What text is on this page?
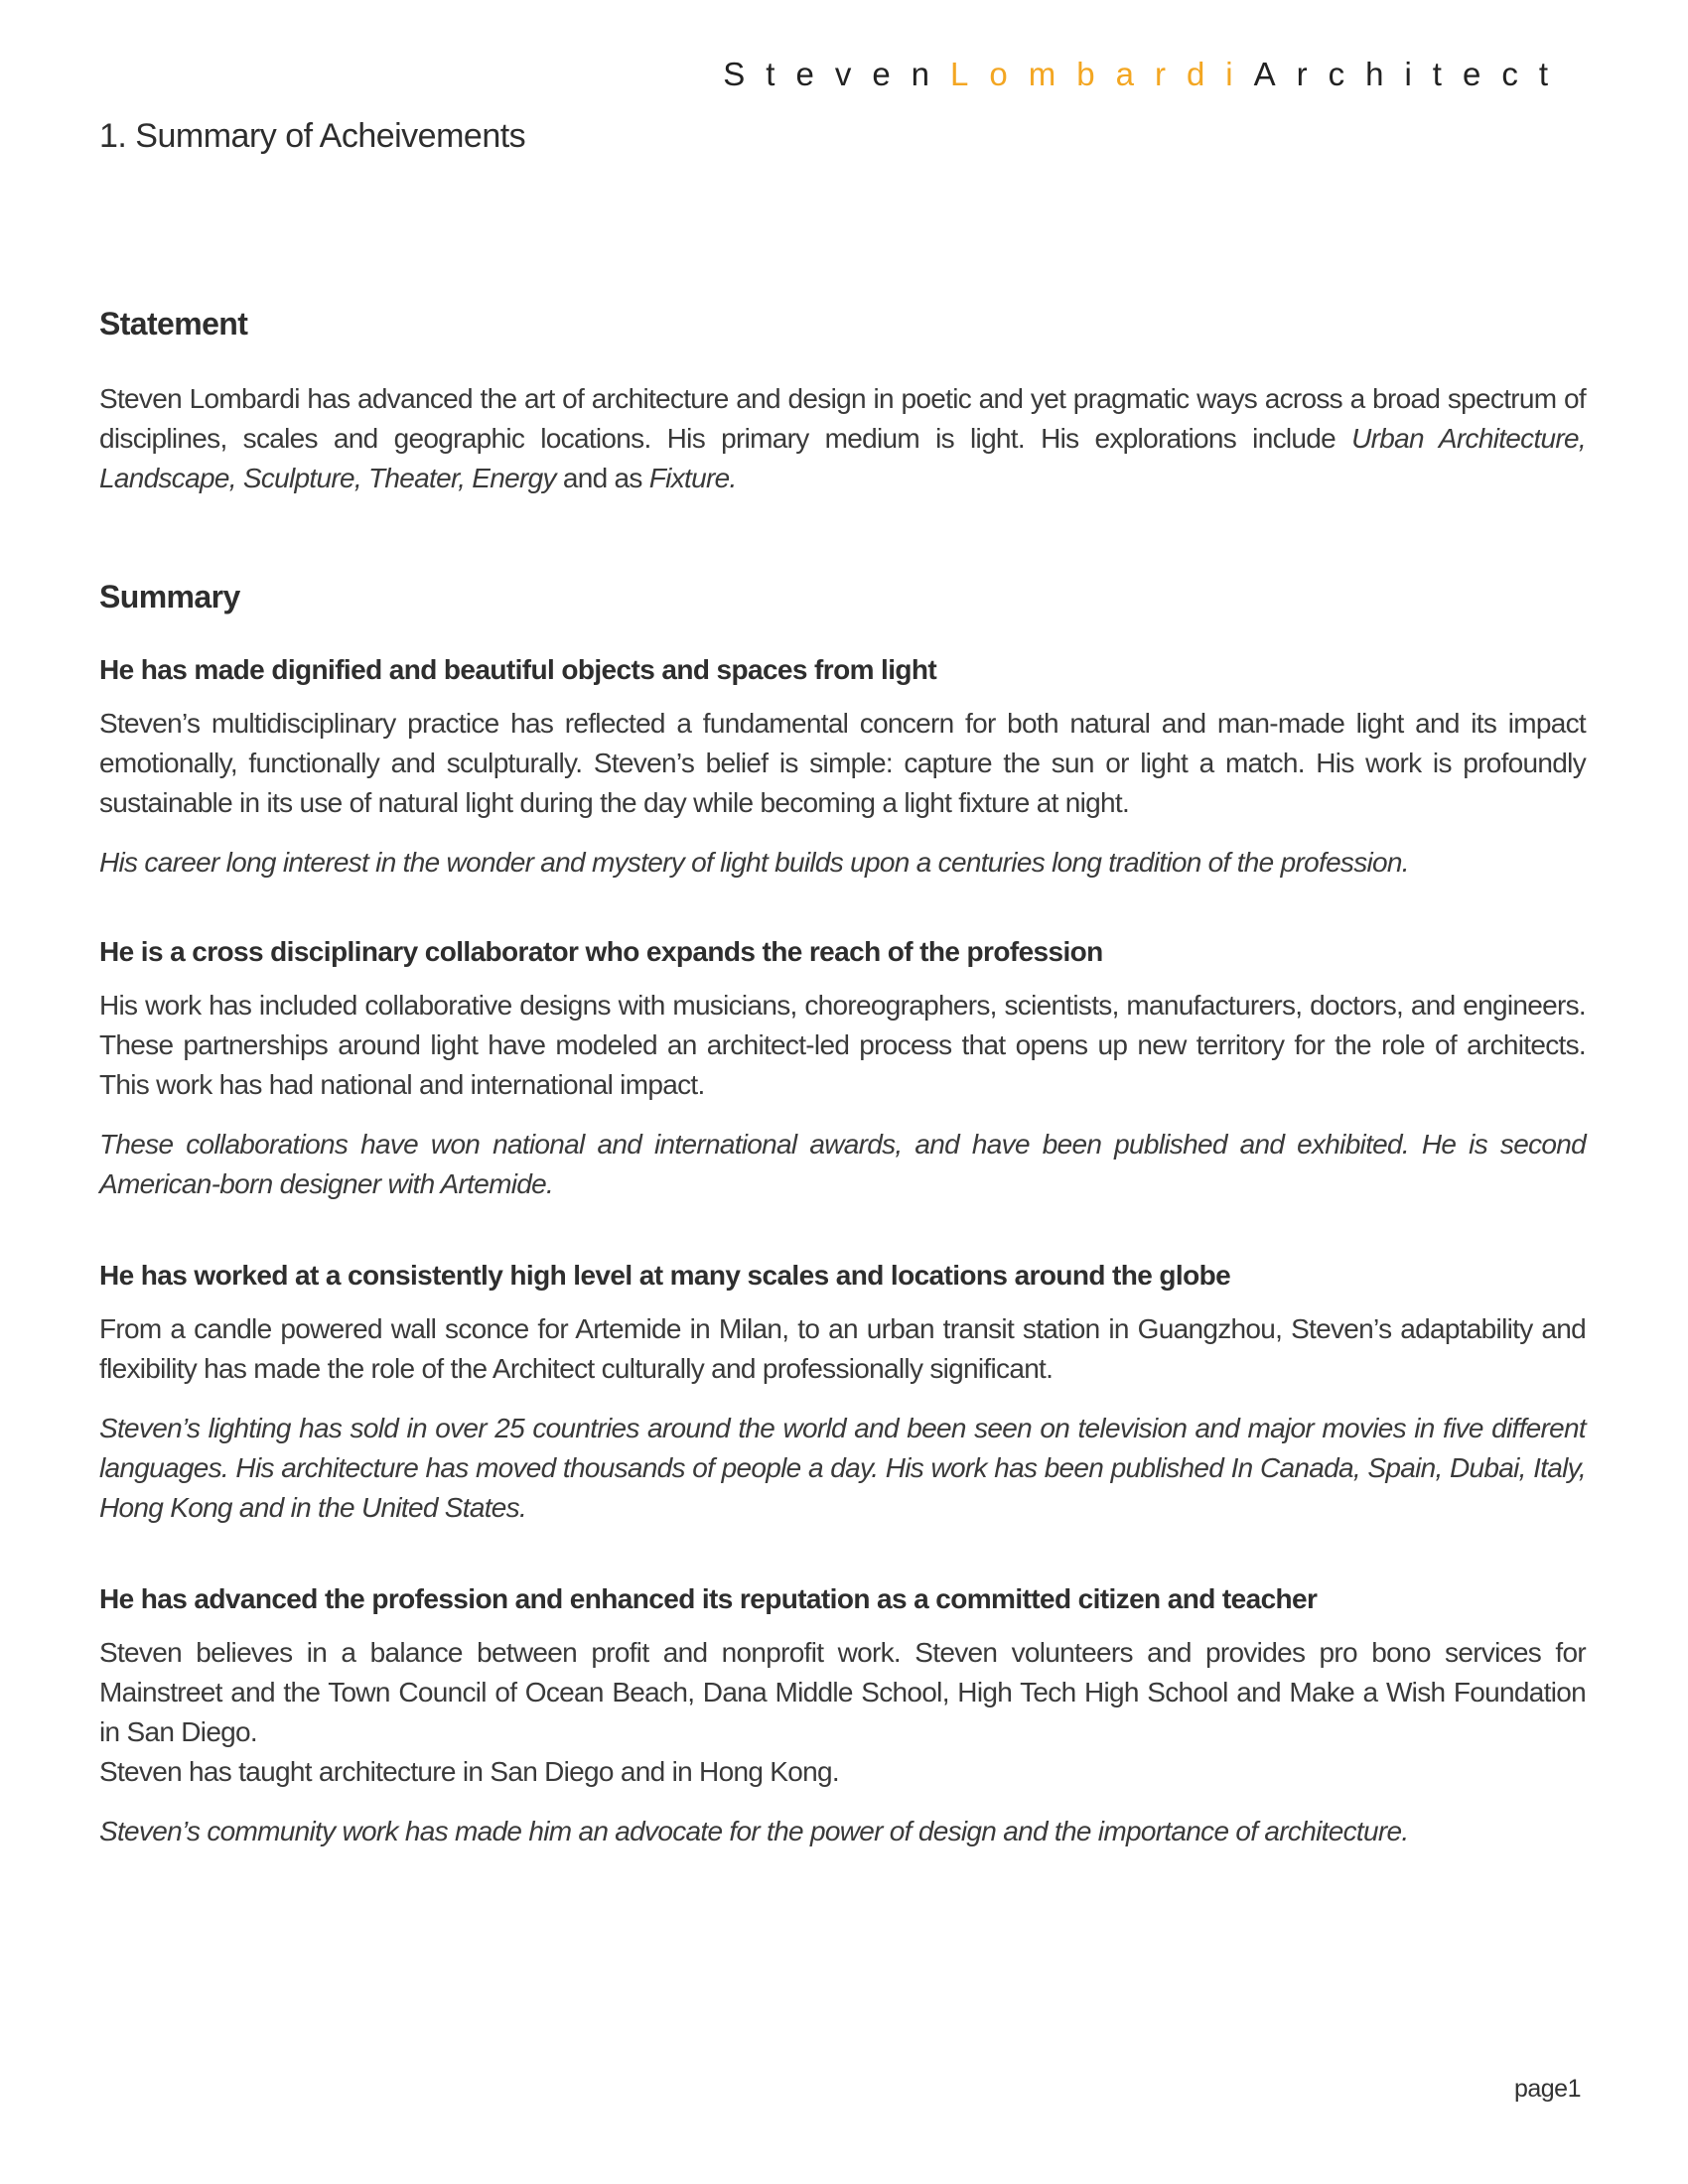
StevenLombardiArchitect
1. Summary of Acheivements
Statement

Steven Lombardi has advanced the art of architecture and design in poetic and yet pragmatic ways across a broad spectrum of disciplines, scales and geographic locations. His primary medium is light. His explorations include Urban Architecture, Landscape, Sculpture, Theater, Energy and as Fixture.

Summary
He has made dignified and beautiful objects and spaces from light

Steven’s multidisciplinary practice has reflected a fundamental concern for both natural and man-made light and its impact emotionally, functionally and sculpturally. Steven’s belief is simple: capture the sun or light a match. His work is profoundly sustainable in its use of natural light during the day while becoming a light fixture at night.

His career long interest in the wonder and mystery of light builds upon a centuries long tradition of the profession.

He is a cross disciplinary collaborator who expands the reach of the profession

His work has included collaborative designs with musicians, choreographers, scientists, manufacturers, doctors, and engineers. These partnerships around light have modeled an architect-led process that opens up new territory for the role of architects. This work has had national and international impact.

These collaborations have won national and international awards, and have been published and exhibited. He is second American-born designer with Artemide.

He has worked at a consistently high level at many scales and locations around the globe

From a candle powered wall sconce for Artemide in Milan, to an urban transit station in Guangzhou, Steven’s adaptability and flexibility has made the role of the Architect culturally and professionally significant.

Steven’s lighting has sold in over 25 countries around the world and been seen on television and major movies in five different languages. His architecture has moved thousands of people a day. His work has been published In Canada, Spain, Dubai, Italy, Hong Kong and in the United States.

He has advanced the profession and enhanced its reputation as a committed citizen and teacher

Steven believes in a balance between profit and nonprofit work. Steven volunteers and provides pro bono services for Mainstreet and the Town Council of Ocean Beach, Dana Middle School, High Tech High School and Make a Wish Foundation in San Diego.

Steven has taught architecture in San Diego and in Hong Kong.

Steven’s community work has made him an advocate for the power of design and the importance of architecture.

page1
